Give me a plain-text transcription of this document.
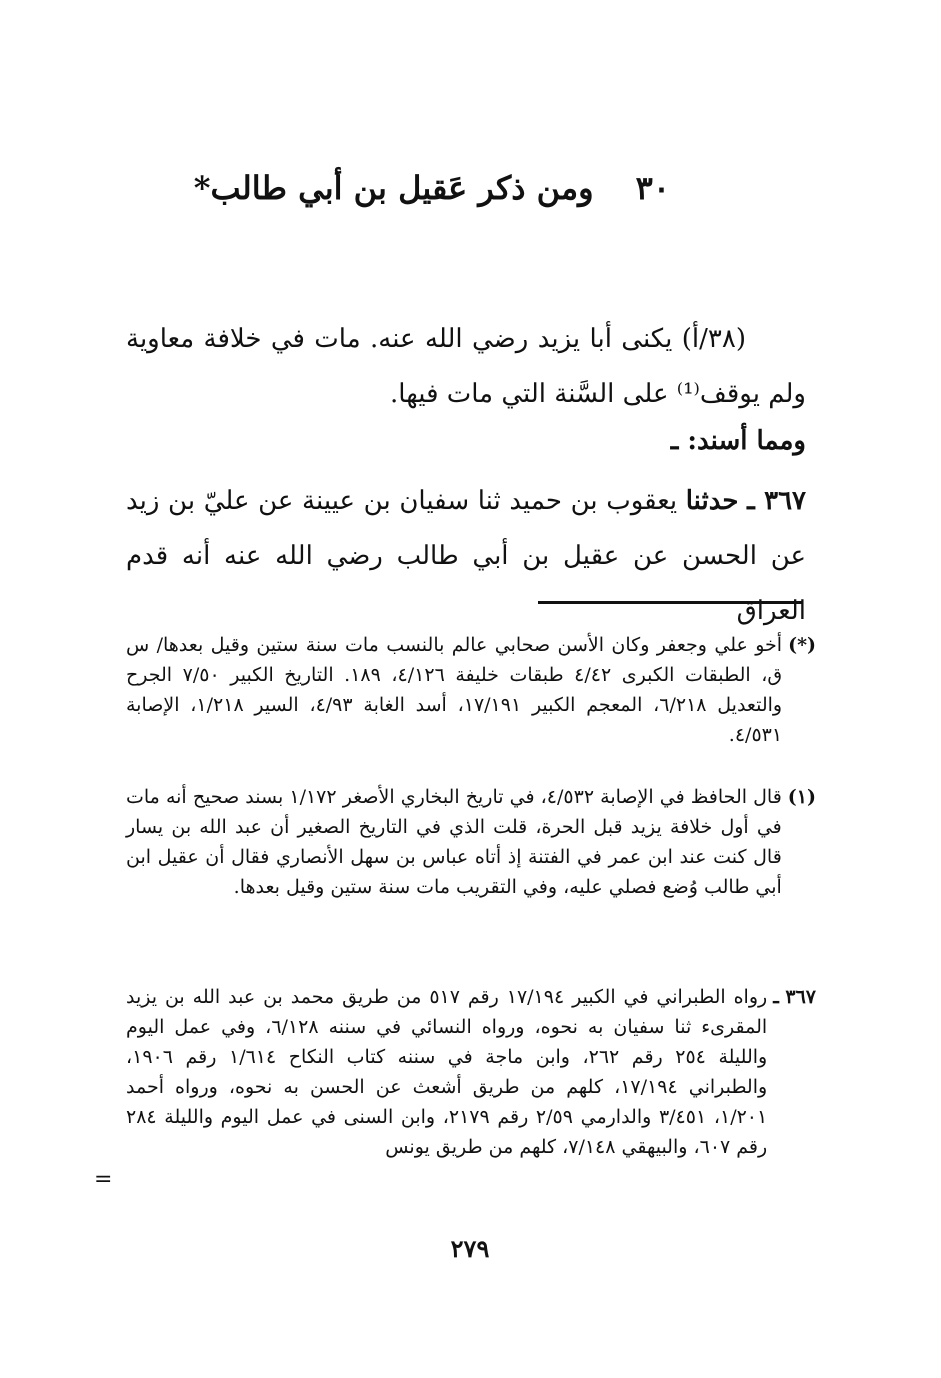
٣٠ومن ذكر عَقيل بن أبي طالب*

(٣٨/أ) يكنى أبا يزيد رضي الله عنه. مات في خلافة معاوية ولم يوقف⁽¹⁾ على السَّنة التي مات فيها.

ومما أسند: ـ

٣٦٧ ـ حدثنا يعقوب بن حميد ثنا سفيان بن عيينة عن عليّ بن زيد عن الحسن عن عقيل بن أبي طالب رضي الله عنه أنه قدم العراق

(*)
أخو علي وجعفر وكان الأسن صحابي عالم بالنسب مات سنة ستين وقيل بعدها/ س ق، الطبقات الكبرى ٤/٤٢ طبقات خليفة ٤/١٢٦، ١٨٩. التاريخ الكبير ٧/٥٠ الجرح والتعديل ٦/٢١٨، المعجم الكبير ١٧/١٩١، أسد الغابة ٤/٩٣، السير ١/٢١٨، الإصابة ٤/٥٣١.
(١)
قال الحافظ في الإصابة ٤/٥٣٢، في تاريخ البخاري الأصغر ١/١٧٢ بسند صحيح أنه مات في أول خلافة يزيد قبل الحرة، قلت الذي في التاريخ الصغير أن عبد الله بن يسار قال كنت عند ابن عمر في الفتنة إذ أتاه عباس بن سهل الأنصاري فقال أن عقيل ابن أبي طالب وُضع فصلي عليه، وفي التقريب مات سنة ستين وقيل بعدها.
٣٦٧ ـ
رواه الطبراني في الكبير ١٧/١٩٤ رقم ٥١٧ من طريق محمد بن عبد الله بن يزيد المقرىء ثنا سفيان به نحوه، ورواه النسائي في سننه ٦/١٢٨، وفي عمل اليوم والليلة ٢٥٤ رقم ٢٦٢، وابن ماجة في سننه كتاب النكاح ١/٦١٤ رقم ١٩٠٦، والطبراني ١٧/١٩٤، كلهم من طريق أشعث عن الحسن به نحوه، ورواه أحمد ١/٢٠١، ٣/٤٥١ والدارمي ٢/٥٩ رقم ٢١٧٩، وابن السنى في عمل اليوم والليلة ٢٨٤ رقم ٦٠٧، والبيهقي ٧/١٤٨، كلهم من طريق يونس
=
٢٧٩
